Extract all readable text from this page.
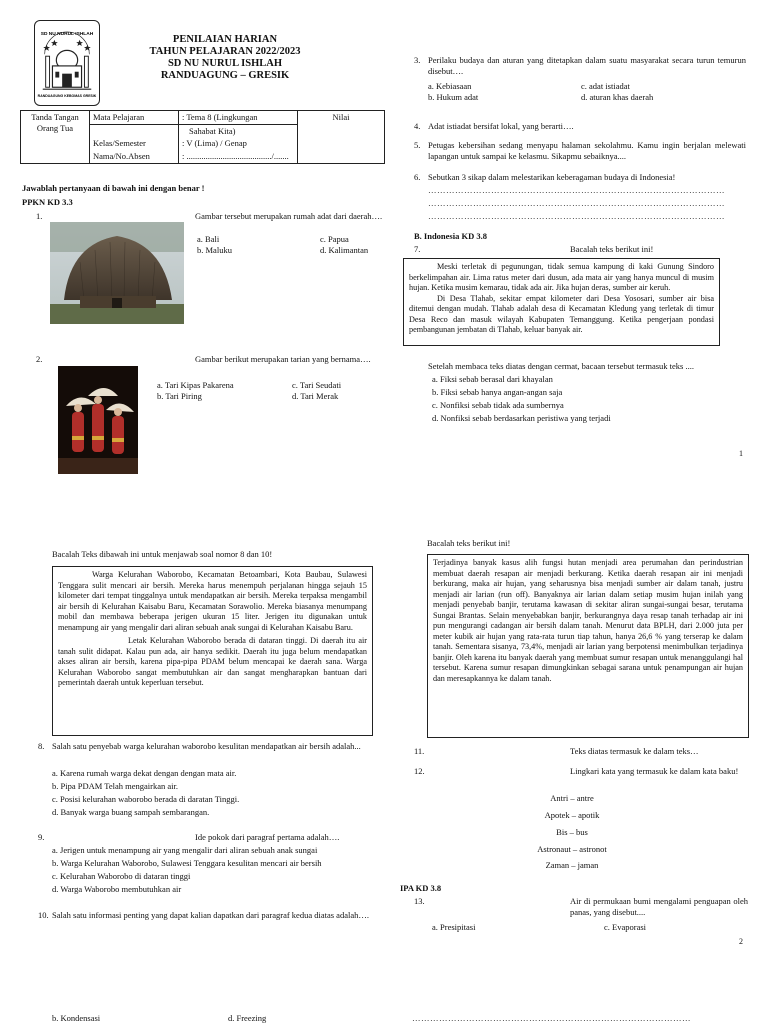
SD NU NURUL ISHLAH
RANDUAGUNG KEBOMAS GRESIK
PENILAIAN HARIAN
TAHUN PELAJARAN 2022/2023
SD NU NURUL ISHLAH
RANDUAGUNG – GRESIK
Tanda Tangan Orang Tua	Mata Pelajaran	: Tema 8 (Lingkungan	Nilai
		Sahabat Kita)	
	Kelas/Semester	: V (Lima) / Genap	
	Nama/No.Absen	: ......................................../.......	
Jawablah pertanyaan di bawah ini dengan benar !
PPKN KD 3.3
1.	Gambar tersebut merupakan rumah adat dari daerah….
a. Bali	c. Papua
b. Maluku	d. Kalimantan
2.	Gambar berikut merupakan tarian yang bernama….
a. Tari Kipas Pakarena	c. Tari Seudati
b. Tari Piring	d. Tari Merak
3. Perilaku budaya dan aturan yang ditetapkan dalam suatu masyarakat secara turun temurun disebut….
a. Kebiasaan	c. adat istiadat
b. Hukum adat	d. aturan khas daerah
4. Adat istiadat bersifat lokal, yang berarti….
5. Petugas kebersihan sedang menyapu halaman sekolahmu. Kamu ingin berjalan melewati lapangan untuk sampai ke kelasmu. Sikapmu sebaiknya....
6. Sebutkan 3 sikap dalam melestarikan keberagaman budaya di Indonesia!
………………………………………………………………………………………
………………………………………………………………………………………
………………………………………………………………………………………
B. Indonesia KD 3.8
7.	Bacalah teks berikut ini!
Meski terletak di pegunungan, tidak semua kampung di kaki Gunung Sindoro berkelimpahan air. Lima ratus meter dari dusun, ada mata air yang hanya muncul di musim hujan. Ketika musim kemarau, tidak ada air. Jika hujan deras, sumber air keruh.
Di Desa Tlahab, sekitar empat kilometer dari Desa Yososari, sumber air bisa ditemui dengan mudah. Tlahab adalah desa di Kecamatan Kledung yang terletak di timur Desa Reco dan masuk wilayah Kabupaten Temanggung. Ketika pengerjaan pondasi pembangunan jembatan di Tlahab, keluar banyak air.
Setelah membaca teks diatas dengan cermat, bacaan tersebut termasuk teks ....
a. Fiksi sebab berasal dari khayalan
b. Fiksi sebab hanya angan-angan saja
c. Nonfiksi sebab tidak ada sumbernya
d. Nonfiksi sebab berdasarkan peristiwa yang terjadi
1
Bacalah Teks dibawah ini untuk menjawab soal nomor 8 dan 10!
Warga Kelurahan Waborobo, Kecamatan Betoambari, Kota Baubau, Sulawesi Tenggara sulit mencari air bersih. Mereka harus menempuh perjalanan hingga sejauh 15 kilometer dari tempat tinggalnya untuk mendapatkan air bersih. Mereka terpaksa mengambil air bersih di Kelurahan Kaisabu Baru, Kecamatan Sorawolio. Mereka biasanya menumpang mobil dan membawa beberapa jerigen ukuran 15 liter. Jerigen itu digunakan untuk menampung air yang mengalir dari aliran sebuah anak sungai di Kelurahan Kaisabu Baru.
Letak Kelurahan Waborobo berada di dataran tinggi. Di daerah itu air tanah sulit didapat. Kalau pun ada, air hanya sedikit. Daerah itu juga belum mendapatkan akses aliran air bersih, karena pipa-pipa PDAM belum mencapai ke daerah sana. Warga Kelurahan Waborobo sangat membutuhkan air dan sangat mengharapkan bantuan dari pemerintah daerah untuk keperluan tersebut.
8. Salah satu penyebab warga kelurahan waborobo kesulitan mendapatkan air bersih adalah...
a. Karena rumah warga dekat dengan dengan mata air.
b. Pipa PDAM Telah mengairkan air.
c. Posisi kelurahan waborobo berada di daratan Tinggi.
d. Banyak warga buang sampah sembarangan.
9.	Ide pokok dari paragraf pertama adalah….
a. Jerigen untuk menampung air yang mengalir dari aliran sebuah anak sungai
b. Warga Kelurahan Waborobo, Sulawesi Tenggara kesulitan mencari air bersih
c. Kelurahan Waborobo di dataran tinggi
d. Warga Waborobo membutuhkan air
10. Salah satu informasi penting yang dapat kalian dapatkan dari paragraf kedua diatas adalah….
b. Kondensasi	d. Freezing
Bacalah teks berikut ini!
Terjadinya banyak kasus alih fungsi hutan menjadi area perumahan dan perindustrian membuat daerah resapan air menjadi berkurang. Ketika daerah resapan air ini menjadi berkurang, maka air hujan, yang seharusnya bisa menjadi sumber air dalam tanah, justru menjadi air larian (run off). Banyaknya air larian dalam setiap musim hujan inilah yang menjadi penyebab banjir, terutama kawasan di sekitar aliran sungai-sungai besar, terutama Sungai Brantas. Selain menyebabkan banjir, berkurangnya daya resap tanah terhadap air ini pun mengurangi cadangan air bersih dalam tanah. Menurut data BPLH, dari 2.000 juta per meter kubik air hujan yang rata-rata turun tiap tahun, hanya 26,6 % yang terserap ke dalam tanah. Sementara sisanya, 73,4%, menjadi air larian yang berpotensi menimbulkan terjadinya banjir. Oleh karena itu banyak daerah yang membuat sumur resapan untuk menanggulangi hal tersebut. Karena sumur resapan dimungkinkan sebagai sarana untuk penampungan air hujan dan meresapkannya ke dalam tanah.
11.	Teks diatas termasuk ke dalam teks…
12.	Lingkari kata yang termasuk ke dalam kata baku!
Antri – antre
Apotek – apotik
Bis – bus
Astronaut – astronot
Zaman – jaman
IPA KD 3.8
13.	Air di permukaan bumi mengalami penguapan oleh panas, yang disebut....
a. Presipitasi	c. Evaporasi
2
…………………………………………………………………………………
